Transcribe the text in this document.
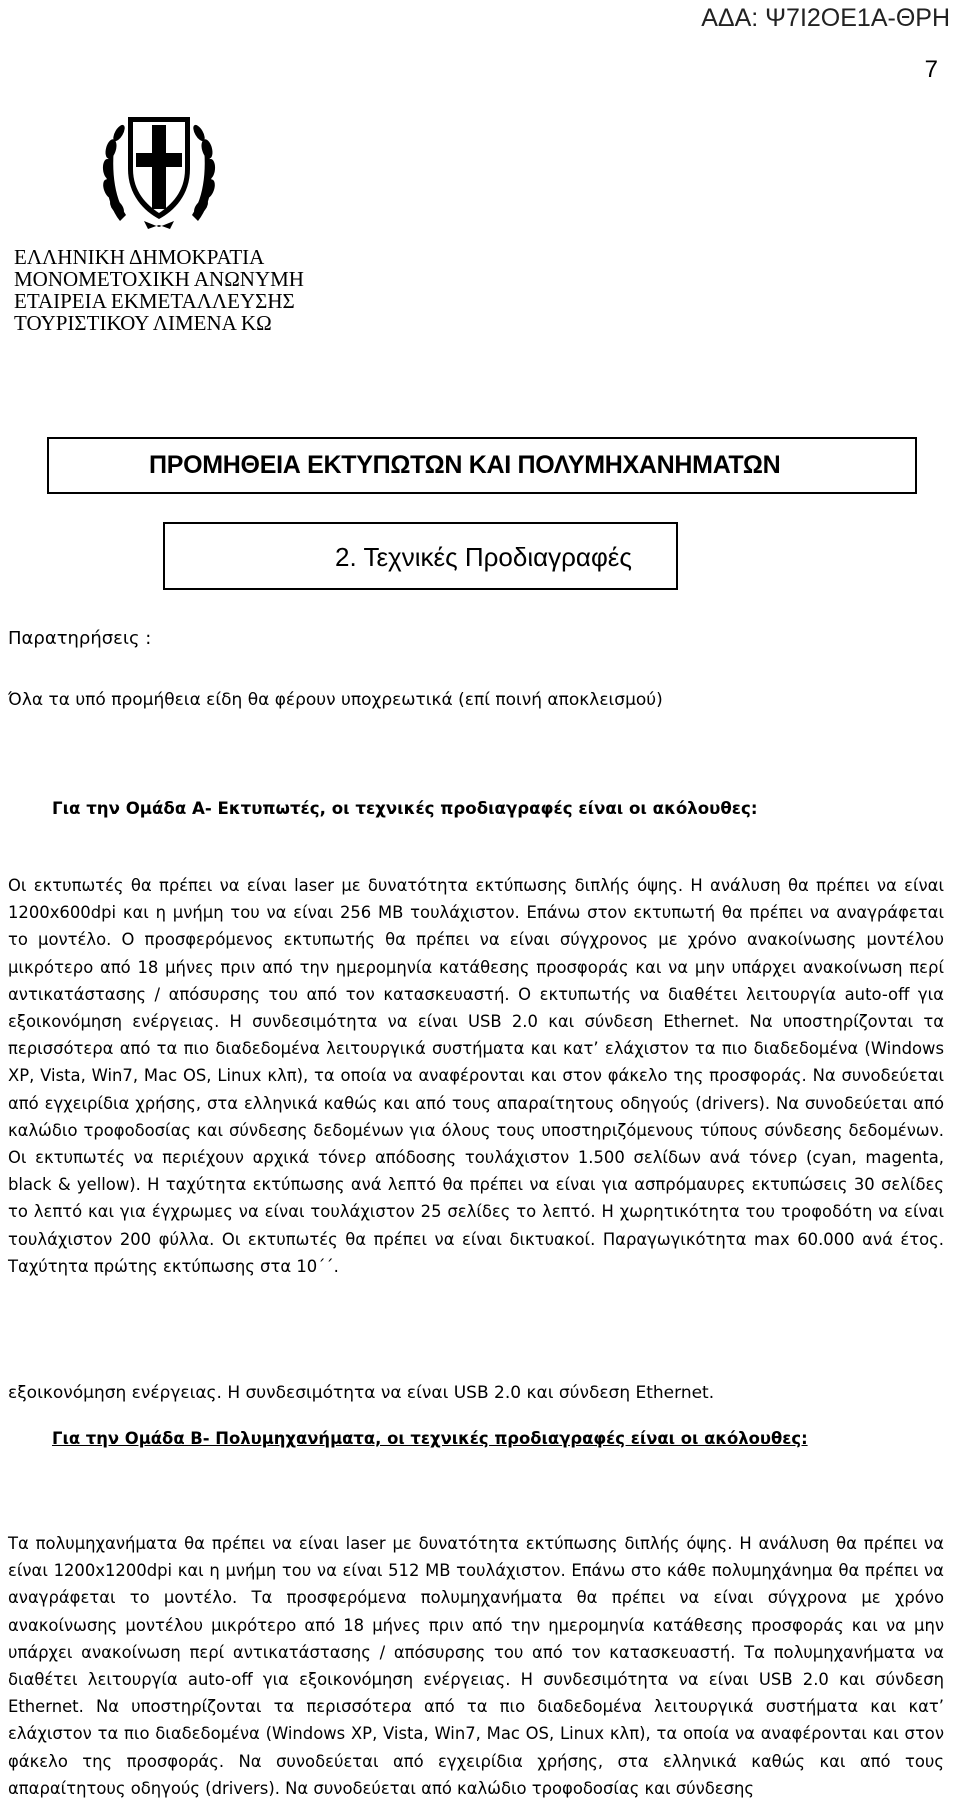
ΑΔΑ: Ψ7Ι2ΟΕ1Α-ΘΡΗ
7
ΕΛΛΗΝΙΚΗ ΔΗΜΟΚΡΑΤΙΑ
ΜΟΝΟΜΕΤΟΧΙΚΗ ΑΝΩΝΥΜΗ
ΕΤΑΙΡΕΙΑ ΕΚΜΕΤΑΛΛΕΥΣΗΣ
ΤΟΥΡΙΣΤΙΚΟΥ ΛΙΜΕΝΑ ΚΩ
ΠΡΟΜΗΘΕΙΑ ΕΚΤΥΠΩΤΩΝ ΚΑΙ ΠΟΛΥΜΗΧΑΝΗΜΑΤΩΝ
2. Τεχνικές Προδιαγραφές
Παρατηρήσεις :
Όλα τα υπό προμήθεια είδη θα φέρουν υποχρεωτικά (επί ποινή αποκλεισμού)
Για την Ομάδα Α- Εκτυπωτές, οι τεχνικές προδιαγραφές είναι οι ακόλουθες:

Οι εκτυπωτές θα πρέπει να είναι laser με δυνατότητα εκτύπωσης διπλής όψης. Η ανάλυση θα πρέπει να είναι 1200x600dpi και η μνήμη του να είναι 256 MB τουλάχιστον. Επάνω στον εκτυπωτή θα πρέπει να αναγράφεται το μοντέλο. Ο προσφερόμενος εκτυπωτής θα πρέπει να είναι σύγχρονος με χρόνο ανακοίνωσης μοντέλου μικρότερο από 18 μήνες πριν από την ημερομηνία κατάθεσης προσφοράς και να μην υπάρχει ανακοίνωση περί αντικατάστασης / απόσυρσης του από τον κατασκευαστή. Ο εκτυπωτής να διαθέτει λειτουργία auto-off για εξοικονόμηση ενέργειας. Η συνδεσιμότητα να είναι USB 2.0 και σύνδεση Ethernet. Να υποστηρίζονται τα περισσότερα από τα πιο διαδεδομένα λειτουργικά συστήματα και κατ’ ελάχιστον τα πιο διαδεδομένα (Windows XP, Vista, Win7, Mac OS, Linux κλπ), τα οποία να αναφέρονται και στον φάκελο της προσφοράς. Να συνοδεύεται από εγχειρίδια χρήσης, στα ελληνικά καθώς και από τους απαραίτητους οδηγούς (drivers). Να συνοδεύεται από καλώδιο τροφοδοσίας και σύνδεσης δεδομένων για όλους τους υποστηριζόμενους τύπους σύνδεσης δεδομένων. Οι εκτυπωτές να περιέχουν αρχικά τόνερ απόδοσης τουλάχιστον 1.500 σελίδων ανά τόνερ (cyan, magenta, black & yellow). Η ταχύτητα εκτύπωσης ανά λεπτό θα πρέπει να είναι για ασπρόμαυρες εκτυπώσεις 30 σελίδες το λεπτό και για έγχρωμες να είναι τουλάχιστον 25 σελίδες το λεπτό. Η χωρητικότητα του τροφοδότη να είναι τουλάχιστον 200 φύλλα. Οι εκτυπωτές θα πρέπει να είναι δικτυακοί. Παραγωγικότητα max 60.000 ανά έτος. Ταχύτητα πρώτης εκτύπωσης στα 10΄΄.

εξοικονόμηση ενέργειας. Η συνδεσιμότητα να είναι USB 2.0 και σύνδεση Ethernet.

Για την Ομάδα Β- Πολυμηχανήματα, οι τεχνικές προδιαγραφές είναι οι ακόλουθες:

Τα πολυμηχανήματα θα πρέπει να είναι laser με δυνατότητα εκτύπωσης διπλής όψης. Η ανάλυση θα πρέπει να είναι 1200x1200dpi και η μνήμη του να είναι 512 MB τουλάχιστον. Επάνω στο κάθε πολυμηχάνημα θα πρέπει να αναγράφεται το μοντέλο. Τα προσφερόμενα πολυμηχανήματα θα πρέπει να είναι σύγχρονα με χρόνο ανακοίνωσης μοντέλου μικρότερο από 18 μήνες πριν από την ημερομηνία κατάθεσης προσφοράς και να μην υπάρχει ανακοίνωση περί αντικατάστασης / απόσυρσης του από τον κατασκευαστή. Τα πολυμηχανήματα να διαθέτει λειτουργία auto-off για εξοικονόμηση ενέργειας. Η συνδεσιμότητα να είναι USB 2.0 και σύνδεση Ethernet. Να υποστηρίζονται τα περισσότερα από τα πιο διαδεδομένα λειτουργικά συστήματα και κατ’ ελάχιστον τα πιο διαδεδομένα (Windows XP, Vista, Win7, Mac OS, Linux κλπ), τα οποία να αναφέρονται και στον φάκελο της προσφοράς. Να συνοδεύεται από εγχειρίδια χρήσης, στα ελληνικά καθώς και από τους απαραίτητους οδηγούς (drivers). Να συνοδεύεται από καλώδιο τροφοδοσίας και σύνδεσης
